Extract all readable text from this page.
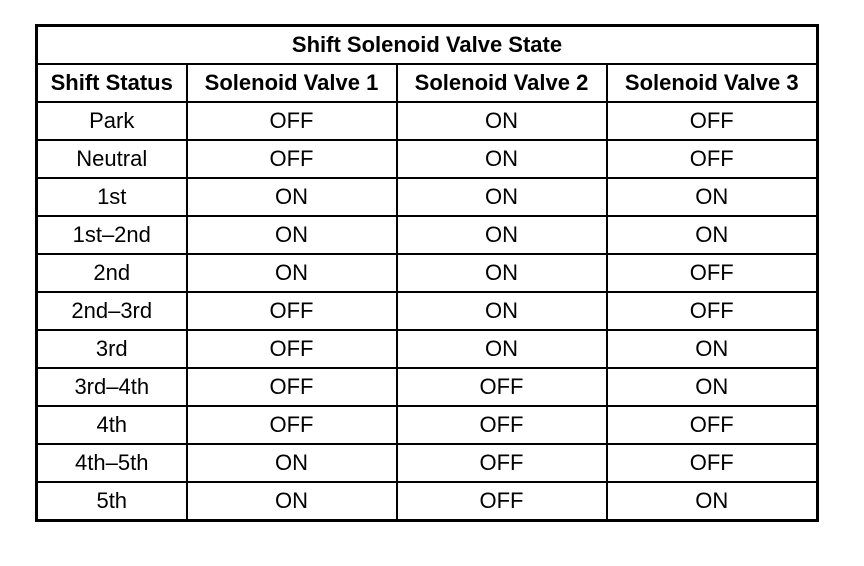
Shift Solenoid Valve State			
Shift Status	Solenoid Valve 1	Solenoid Valve 2	Solenoid Valve 3
Park	OFF	ON	OFF
Neutral	OFF	ON	OFF
1st	ON	ON	ON
1st–2nd	ON	ON	ON
2nd	ON	ON	OFF
2nd–3rd	OFF	ON	OFF
3rd	OFF	ON	ON
3rd–4th	OFF	OFF	ON
4th	OFF	OFF	OFF
4th–5th	ON	OFF	OFF
5th	ON	OFF	ON
